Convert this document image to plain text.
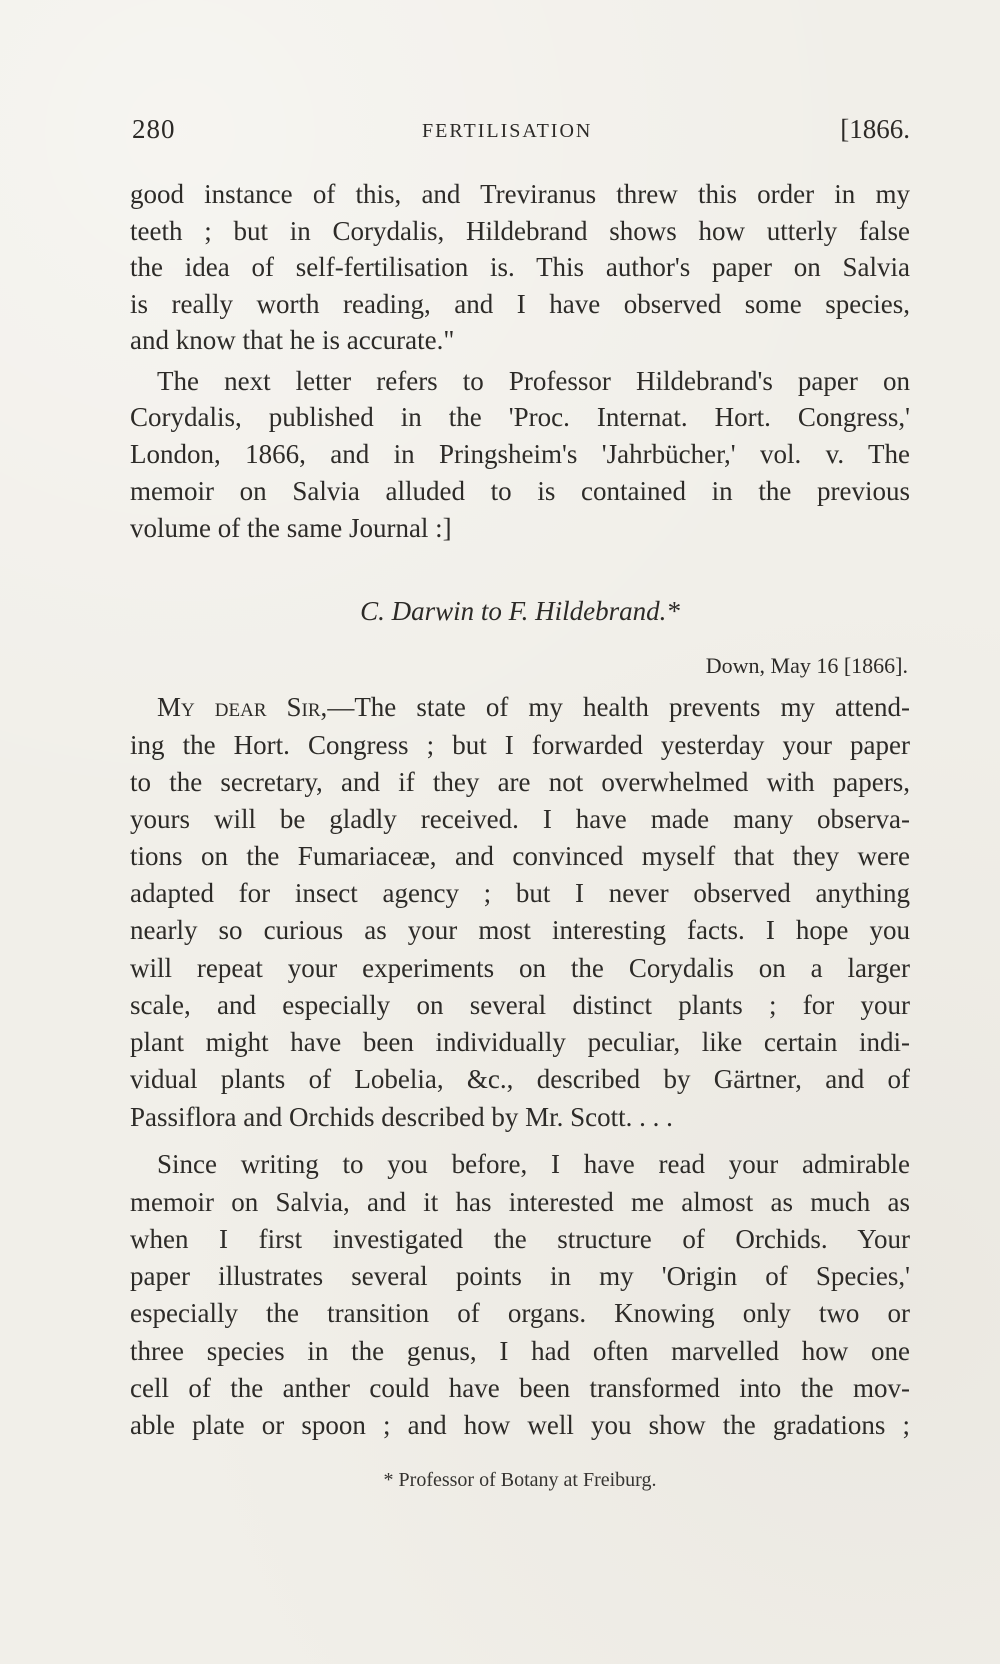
280	FERTILISATION	[1866.
good instance of this, and Treviranus threw this order in my
teeth ; but in Corydalis, Hildebrand shows how utterly false
the idea of self-fertilisation is. This author's paper on Salvia
is really worth reading, and I have observed some species,
and know that he is accurate."
The next letter refers to Professor Hildebrand's paper on
Corydalis, published in the 'Proc. Internat. Hort. Congress,'
London, 1866, and in Pringsheim's 'Jahrbücher,' vol. v. The
memoir on Salvia alluded to is contained in the previous
volume of the same Journal :]
C. Darwin to F. Hildebrand.*
Down, May 16 [1866].
My dear Sir,—The state of my health prevents my attend-
ing the Hort. Congress ; but I forwarded yesterday your paper
to the secretary, and if they are not overwhelmed with papers,
yours will be gladly received. I have made many observa-
tions on the Fumariaceæ, and convinced myself that they were
adapted for insect agency ; but I never observed anything
nearly so curious as your most interesting facts. I hope you
will repeat your experiments on the Corydalis on a larger
scale, and especially on several distinct plants ; for your
plant might have been individually peculiar, like certain indi-
vidual plants of Lobelia, &c., described by Gärtner, and of
Passiflora and Orchids described by Mr. Scott. . . .
Since writing to you before, I have read your admirable
memoir on Salvia, and it has interested me almost as much as
when I first investigated the structure of Orchids. Your
paper illustrates several points in my 'Origin of Species,'
especially the transition of organs. Knowing only two or
three species in the genus, I had often marvelled how one
cell of the anther could have been transformed into the mov-
able plate or spoon ; and how well you show the gradations ;
* Professor of Botany at Freiburg.
